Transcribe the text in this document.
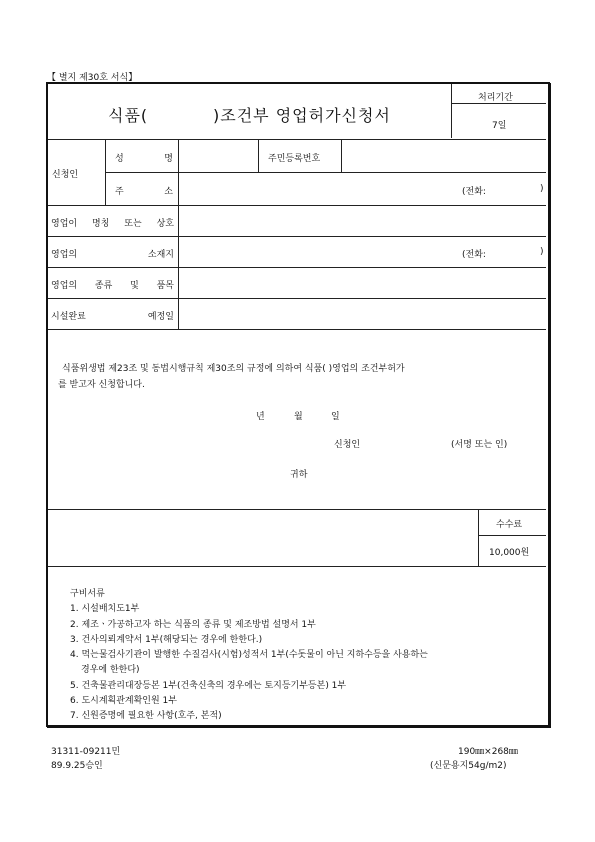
【 별지 제30호 서식】
식품(	)조건부 영업허가신청서
처리기간
7일
신청인
성	명	주민등록번호
주	소	(전화:	)
영업이 명칭 또는 상호
영업의	소재지	(전화:	)
영업의 종류 및 품목
시설완료	예정일
식품위생법 제23조 및 동법시행규칙 제30조의 규정에 의하여 식품( )영업의 조건부허가
를 받고자 신청합니다.
년	월	일
신청인	(서명 또는 인)
귀하
수수료
10,000원
구비서류
1. 시설배치도1부
2. 제조ㆍ가공하고자 하는 식품의 종류 및 제조방법 설명서 1부
3. 건사의뢰계약서 1부(해당되는 경우에 한한다.)
4. 먹는물검사기관이 발행한 수질검사(시험)성적서 1부(수돗물이 아닌 지하수등을 사용하는
경우에 한한다)
5. 건축물관리대장등본 1부(건축신축의 경우에는 토지등기부등본) 1부
6. 도시계획관계확인원 1부
7. 신원증명에 필요한 사항(호주, 본적)
31311-09211민
89.9.25승인
190㎜×268㎜
(신문용지54g/m2)
